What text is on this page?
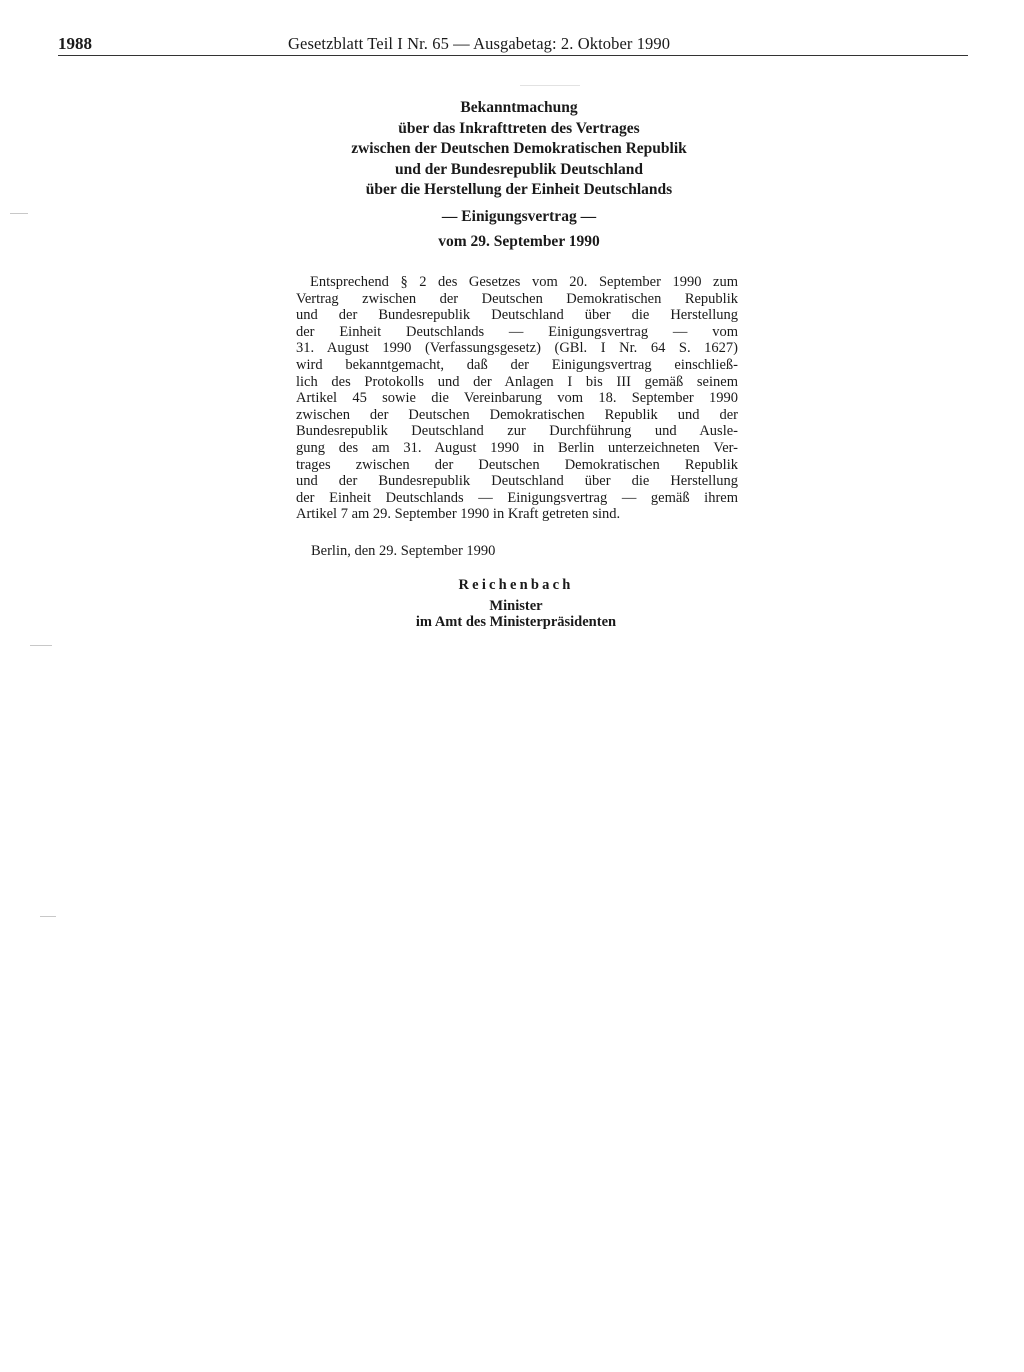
1988	Gesetzblatt Teil I Nr. 65 — Ausgabetag: 2. Oktober 1990
Bekanntmachung
über das Inkrafttreten des Vertrages
zwischen der Deutschen Demokratischen Republik
und der Bundesrepublik Deutschland
über die Herstellung der Einheit Deutschlands
— Einigungsvertrag —
vom 29. September 1990
Entsprechend § 2 des Gesetzes vom 20. September 1990 zum
Vertrag zwischen der Deutschen Demokratischen Republik
und der Bundesrepublik Deutschland über die Herstellung
der Einheit Deutschlands — Einigungsvertrag — vom
31. August 1990 (Verfassungsgesetz) (GBl. I Nr. 64 S. 1627)
wird bekanntgemacht, daß der Einigungsvertrag einschließ-
lich des Protokolls und der Anlagen I bis III gemäß seinem
Artikel 45 sowie die Vereinbarung vom 18. September 1990
zwischen der Deutschen Demokratischen Republik und der
Bundesrepublik Deutschland zur Durchführung und Ausle-
gung des am 31. August 1990 in Berlin unterzeichneten Ver-
trages zwischen der Deutschen Demokratischen Republik
und der Bundesrepublik Deutschland über die Herstellung
der Einheit Deutschlands — Einigungsvertrag — gemäß ihrem
Artikel 7 am 29. September 1990 in Kraft getreten sind.
Berlin, den 29. September 1990
Reichenbach
Minister
im Amt des Ministerpräsidenten
